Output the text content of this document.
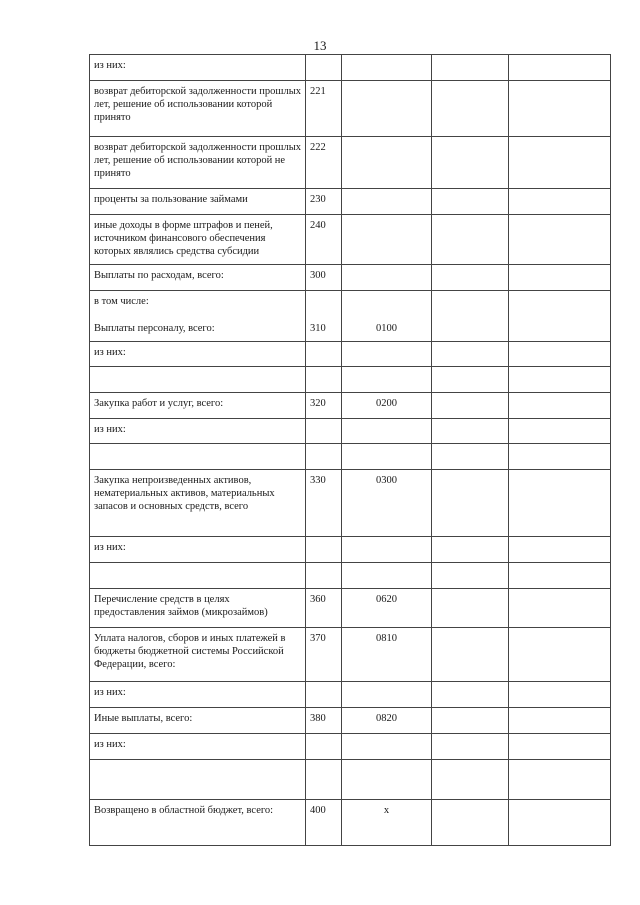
13
из них:				
возврат дебиторской задолженности прошлых лет, решение об использовании которой принято	221			
возврат дебиторской задолженности прошлых лет, решение об использовании которой не принято	222			
проценты за пользование займами	230			
иные доходы в форме штрафов и пеней, источником финансового обеспечения которых являлись средства субсидии	240			
Выплаты по расходам, всего:	300			

в том числе:
Выплаты персоналу, всего:	310	0100		
из них:				

Закупка работ и услуг, всего:	320	0200		
из них:				

Закупка непроизведенных активов, нематериальных активов, материальных запасов и основных средств, всего	330	0300		
из них:				

Перечисление средств в целях предоставления займов (микрозаймов)	360	0620		
Уплата налогов, сборов и иных платежей в бюджеты бюджетной системы Российской Федерации, всего:	370	0810		
из них:				
Иные выплаты, всего:	380	0820		
из них:				

Возвращено в областной бюджет, всего:	400	x		
